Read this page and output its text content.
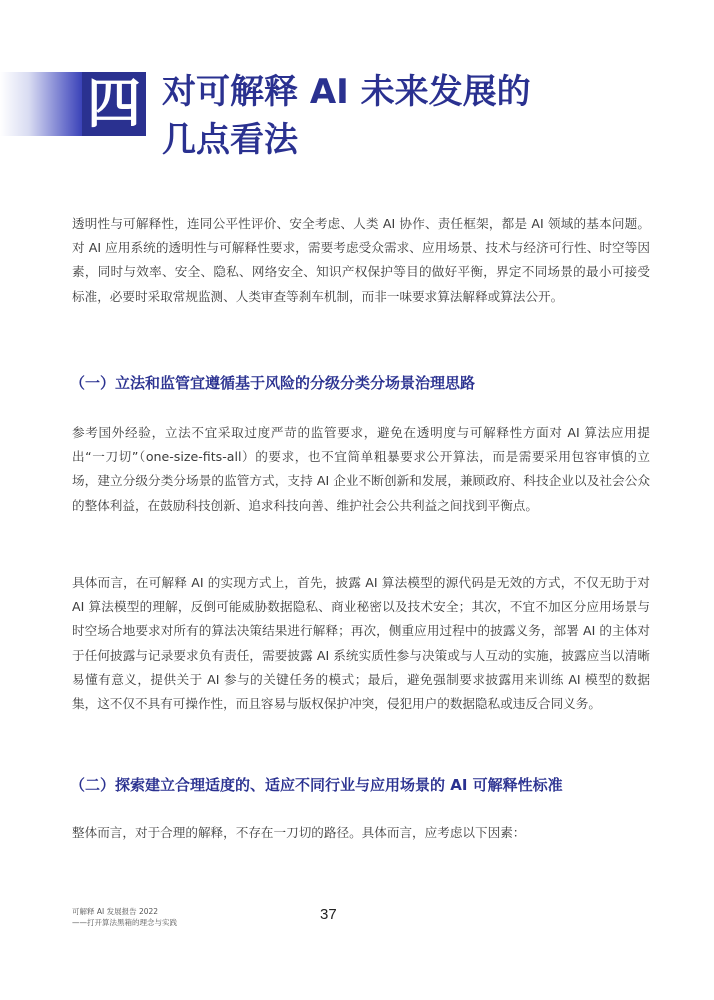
四 对可解释 AI 未来发展的
几点看法

透明性与可解释性，连同公平性评价、安全考虑、人类 AI 协作、责任框架，都是 AI 领域的基本问题。对 AI 应用系统的透明性与可解释性要求，需要考虑受众需求、应用场景、技术与经济可行性、时空等因素，同时与效率、安全、隐私、网络安全、知识产权保护等目的做好平衡，界定不同场景的最小可接受标准，必要时采取常规监测、人类审查等刹车机制，而非一味要求算法解释或算法公开。

（一）立法和监管宜遵循基于风险的分级分类分场景治理思路

参考国外经验，立法不宜采取过度严苛的监管要求，避免在透明度与可解释性方面对 AI 算法应用提出“一刀切”（one-size-fits-all）的要求，也不宜简单粗暴要求公开算法，而是需要采用包容审慎的立场，建立分级分类分场景的监管方式，支持 AI 企业不断创新和发展，兼顾政府、科技企业以及社会公众的整体利益，在鼓励科技创新、追求科技向善、维护社会公共利益之间找到平衡点。

具体而言，在可解释 AI 的实现方式上，首先，披露 AI 算法模型的源代码是无效的方式，不仅无助于对 AI 算法模型的理解，反倒可能威胁数据隐私、商业秘密以及技术安全；其次，不宜不加区分应用场景与时空场合地要求对所有的算法决策结果进行解释；再次，侧重应用过程中的披露义务，部署 AI 的主体对于任何披露与记录要求负有责任，需要披露 AI 系统实质性参与决策或与人互动的实施，披露应当以清晰易懂有意义，提供关于 AI 参与的关键任务的模式；最后，避免强制要求披露用来训练 AI 模型的数据集，这不仅不具有可操作性，而且容易与版权保护冲突，侵犯用户的数据隐私或违反合同义务。

（二）探索建立合理适度的、适应不同行业与应用场景的 AI 可解释性标准

整体而言，对于合理的解释，不存在一刀切的路径。具体而言，应考虑以下因素：

可解释 AI 发展报告 2022
——打开算法黑箱的理念与实践	37
